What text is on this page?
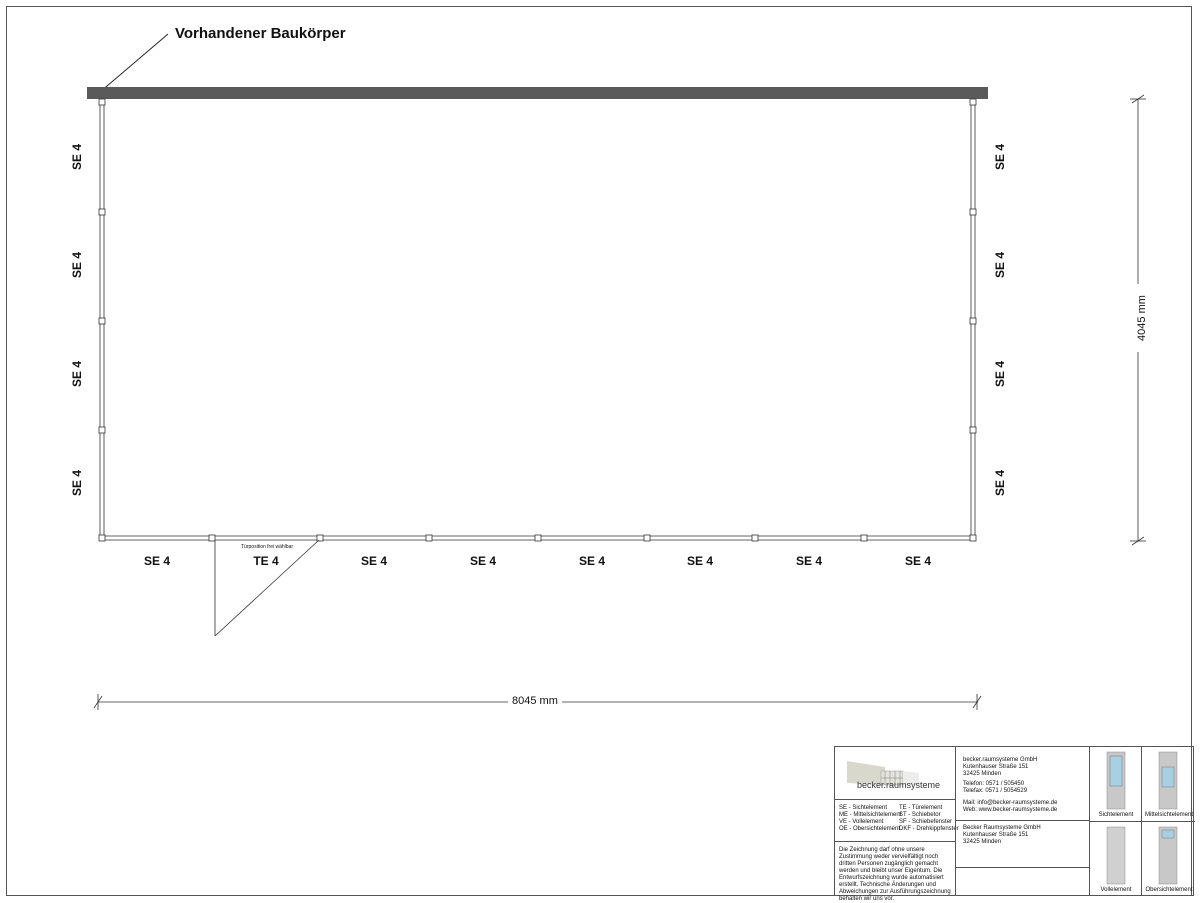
Vorhandener Baukörper
SE 4
SE 4
SE 4
SE 4
SE 4
SE 4
SE 4
SE 4
SE 4	TE 4	SE 4	SE 4	SE 4	SE 4	SE 4	SE 4
Türposition frei wählbar
8045 mm
4045 mm
becker.raumsysteme
SE - Sichtelement
ME - Mittelsichtelement
VE - Vollelement
OE - Obersichtelement
TE - Türelement
ST - Schiebetor
SF - Schiebefenster
DKF - Drehkippfenster
Die Zeichnung darf ohne unsere Zustimmung weder vervielfältigt noch dritten Personen zugänglich gemacht werden und bleibt unser Eigentum. Die Entwurfszeichnung wurde automatisiert erstellt. Technische Änderungen und Abweichungen zur Ausführungszeichnung behalten wir uns vor.
becker.raumsysteme GmbH
Kutenhauser Straße 151
32425 Minden
Telefon: 0571 / 505450
Telefax: 0571 / 5054529
Mail: info@becker-raumsysteme.de
Web: www.becker-raumsysteme.de
Becker Raumsysteme GmbH
Kutenhauser Straße 151
32425 Minden
Sichtelement	Mittelsichtelement
Vollelement	Obersichtelement
